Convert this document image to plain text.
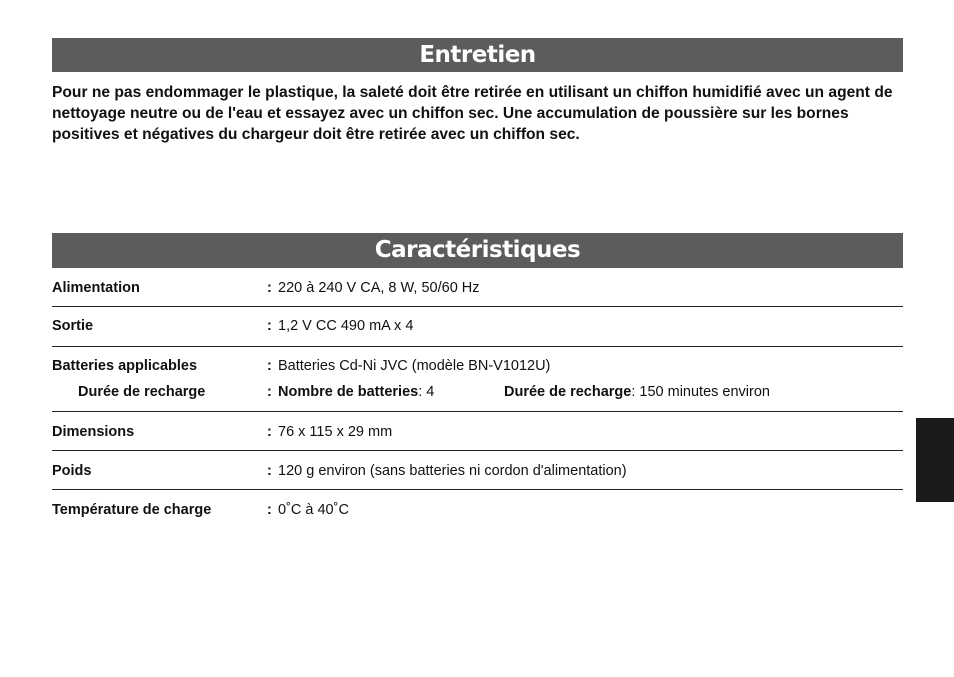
Entretien

Pour ne pas endommager le plastique, la saleté doit être retirée en utilisant un chiffon humidifié avec un agent de nettoyage neutre ou de l'eau et essayez avec un chiffon sec. Une accumulation de poussière sur les bornes positives et négatives du chargeur doit être retirée avec un chiffon sec.

Caractéristiques
Alimentation	: 220 à 240 V CA, 8 W, 50/60 Hz
Sortie	: 1,2 V CC 490 mA x 4
Batteries applicables	: Batteries Cd-Ni JVC (modèle BN-V1012U)
Durée de recharge	: Nombre de batteries: 4	Durée de recharge: 150 minutes environ
Dimensions	: 76 x 115 x 29 mm
Poids	: 120 g environ (sans batteries ni cordon d'alimentation)
Température de charge	: 0˚C à 40˚C
